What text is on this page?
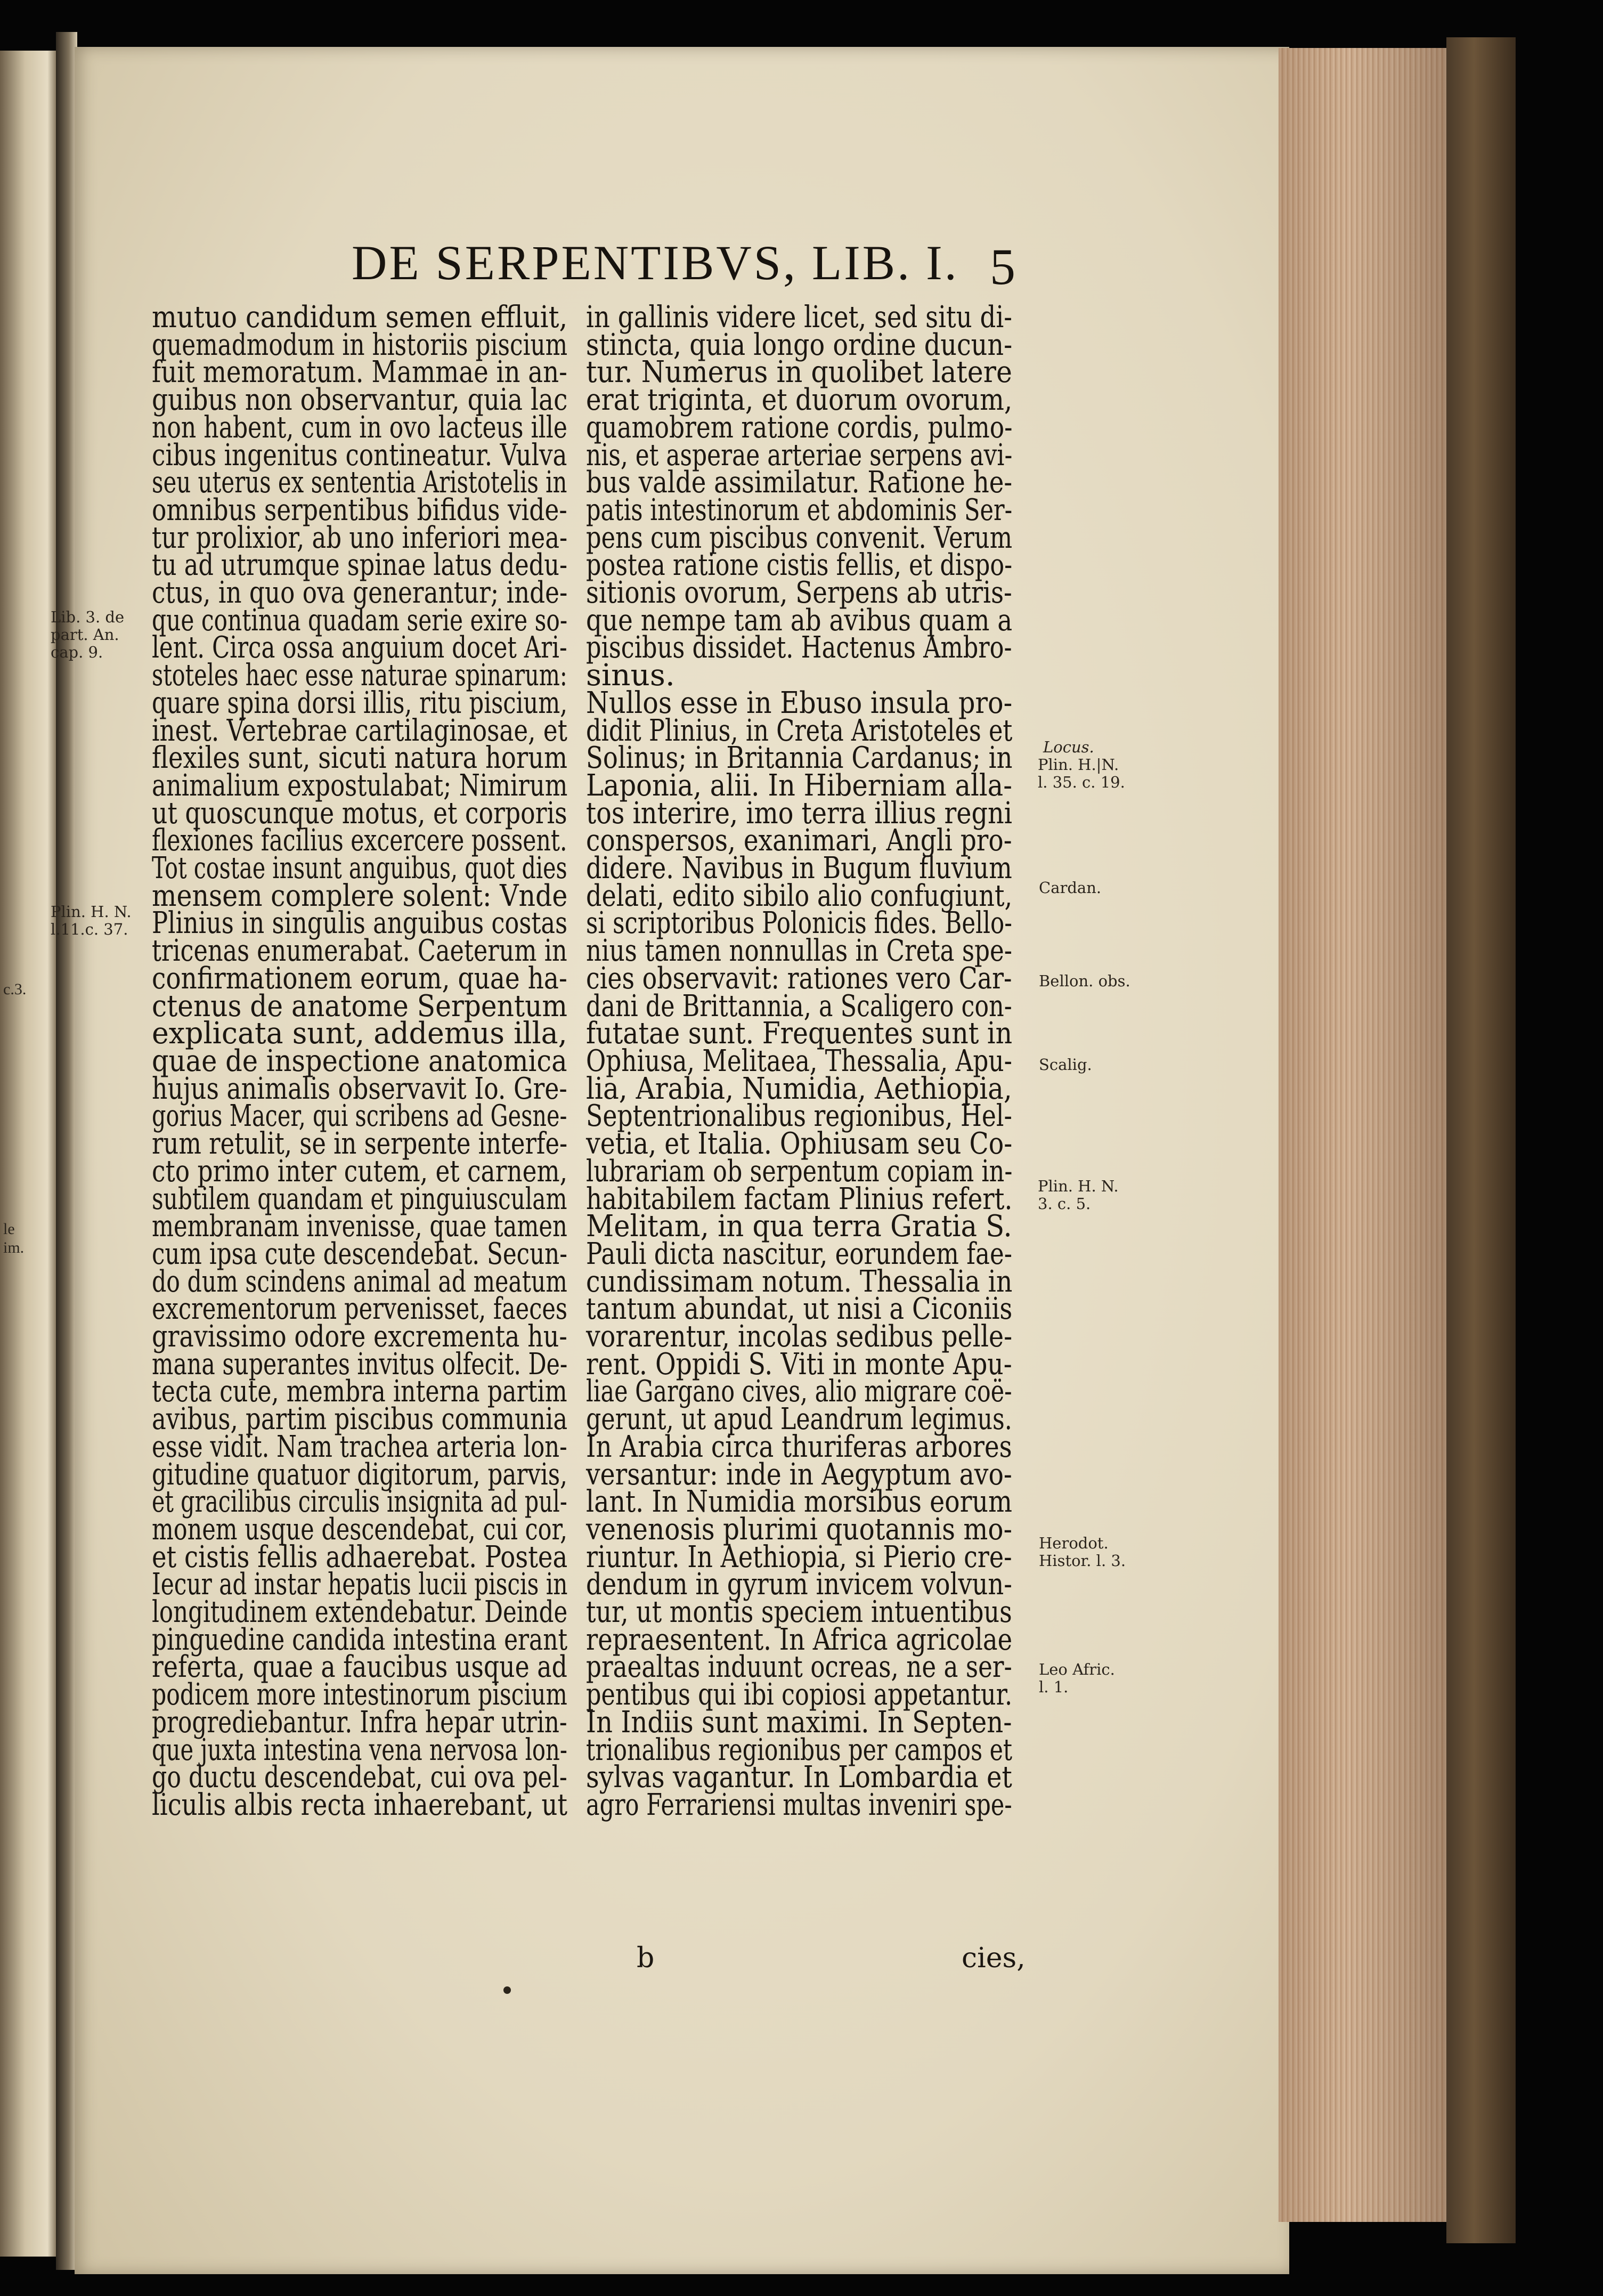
c.3.
le
im.
DE SERPENTIBVS, LIB. I. 5
mutuo candidum semen effluit,
quemadmodum in historiis piscium
fuit memoratum. Mammae in an-
guibus non observantur, quia lac
non habent, cum in ovo lacteus ille
cibus ingenitus contineatur. Vulva
seu uterus ex sententia Aristotelis in
omnibus serpentibus bifidus vide-
tur prolixior, ab uno inferiori mea-
tu ad utrumque spinae latus dedu-
ctus, in quo ova generantur; inde-
que continua quadam serie exire so-
lent. Circa ossa anguium docet Ari-
stoteles haec esse naturae spinarum:
quare spina dorsi illis, ritu piscium,
inest. Vertebrae cartilaginosae, et
flexiles sunt, sicuti natura horum
animalium expostulabat; Nimirum
ut quoscunque motus, et corporis
flexiones facilius excercere possent.
Tot costae insunt anguibus, quot dies
mensem complere solent: Vnde
Plinius in singulis anguibus costas
tricenas enumerabat. Caeterum in
confirmationem eorum, quae ha-
ctenus de anatome Serpentum
explicata sunt, addemus illa,
quae de inspectione anatomica
hujus animalis observavit Io. Gre-
gorius Macer, qui scribens ad Gesne-
rum retulit, se in serpente interfe-
cto primo inter cutem, et carnem,
subtilem quandam et pinguiusculam
membranam invenisse, quae tamen
cum ipsa cute descendebat. Secun-
do dum scindens animal ad meatum
excrementorum pervenisset, faeces
gravissimo odore excrementa hu-
mana superantes invitus olfecit. De-
tecta cute, membra interna partim
avibus, partim piscibus communia
esse vidit. Nam trachea arteria lon-
gitudine quatuor digitorum, parvis,
et gracilibus circulis insignita ad pul-
monem usque descendebat, cui cor,
et cistis fellis adhaerebat. Postea
Iecur ad instar hepatis lucii piscis in
longitudinem extendebatur. Deinde
pinguedine candida intestina erant
referta, quae a faucibus usque ad
podicem more intestinorum piscium
progrediebantur. Infra hepar utrin-
que juxta intestina vena nervosa lon-
go ductu descendebat, cui ova pel-
liculis albis recta inhaerebant, ut
in gallinis videre licet, sed situ di-
stincta, quia longo ordine ducun-
tur. Numerus in quolibet latere
erat triginta, et duorum ovorum,
quamobrem ratione cordis, pulmo-
nis, et asperae arteriae serpens avi-
bus valde assimilatur. Ratione he-
patis intestinorum et abdominis Ser-
pens cum piscibus convenit. Verum
postea ratione cistis fellis, et dispo-
sitionis ovorum, Serpens ab utris-
que nempe tam ab avibus quam a
piscibus dissidet. Hactenus Ambro-
sinus.
Nullos esse in Ebuso insula pro-
didit Plinius, in Creta Aristoteles et
Solinus; in Britannia Cardanus; in
Laponia, alii. In Hiberniam alla-
tos interire, imo terra illius regni
conspersos, exanimari, Angli pro-
didere. Navibus in Bugum fluvium
delati, edito sibilo alio confugiunt,
si scriptoribus Polonicis fides. Bello-
nius tamen nonnullas in Creta spe-
cies observavit: rationes vero Car-
dani de Brittannia, a Scaligero con-
futatae sunt. Frequentes sunt in
Ophiusa, Melitaea, Thessalia, Apu-
lia, Arabia, Numidia, Aethiopia,
Septentrionalibus regionibus, Hel-
vetia, et Italia. Ophiusam seu Co-
lubrariam ob serpentum copiam in-
habitabilem factam Plinius refert.
Melitam, in qua terra Gratia S.
Pauli dicta nascitur, eorundem fae-
cundissimam notum. Thessalia in
tantum abundat, ut nisi a Ciconiis
vorarentur, incolas sedibus pelle-
rent. Oppidi S. Viti in monte Apu-
liae Gargano cives, alio migrare coë-
gerunt, ut apud Leandrum legimus.
In Arabia circa thuriferas arbores
versantur: inde in Aegyptum avo-
lant. In Numidia morsibus eorum
venenosis plurimi quotannis mo-
riuntur. In Aethiopia, si Pierio cre-
dendum in gyrum invicem volvun-
tur, ut montis speciem intuentibus
repraesentent. In Africa agricolae
praealtas induunt ocreas, ne a ser-
pentibus qui ibi copiosi appetantur.
In Indiis sunt maximi. In Septen-
trionalibus regionibus per campos et
sylvas vagantur. In Lombardia et
agro Ferrariensi multas inveniri spe-
Lib. 3. de
part. An.
cap. 9.
Plin. H. N.
l.11.c. 37.
Locus.
Plin. H.|N.
l. 35. c. 19.
Cardan.
Bellon. obs.
Scalig.
Plin. H. N.
3. c. 5.
Herodot.
Histor. l. 3.
Leo Afric.
l. 1.
b	cies,
